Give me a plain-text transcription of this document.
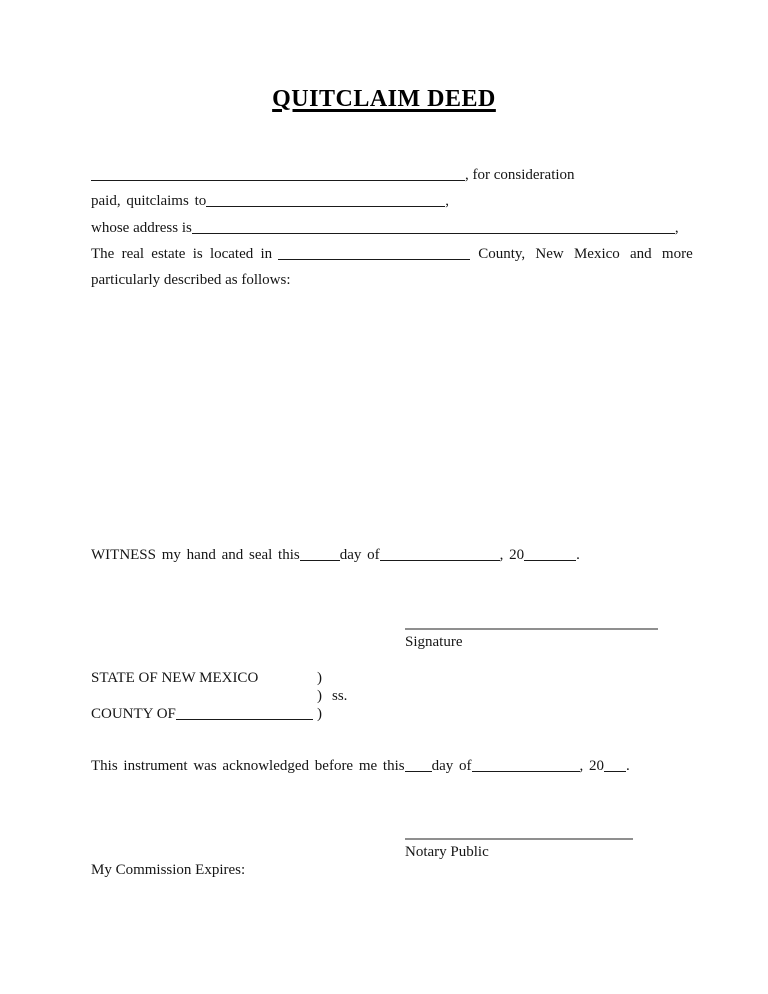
QUITCLAIM DEED
, for consideration
paid, quitclaims to	,
whose address is	,
The real estate is located in	County, New Mexico and more
particularly described as follows:
WITNESS my hand and seal this	day of	, 20	.
Signature
STATE OF NEW MEXICO	)
) ss.
COUNTY OF	)
This instrument was acknowledged before me this day of	, 20 .
Notary Public
My Commission Expires:
